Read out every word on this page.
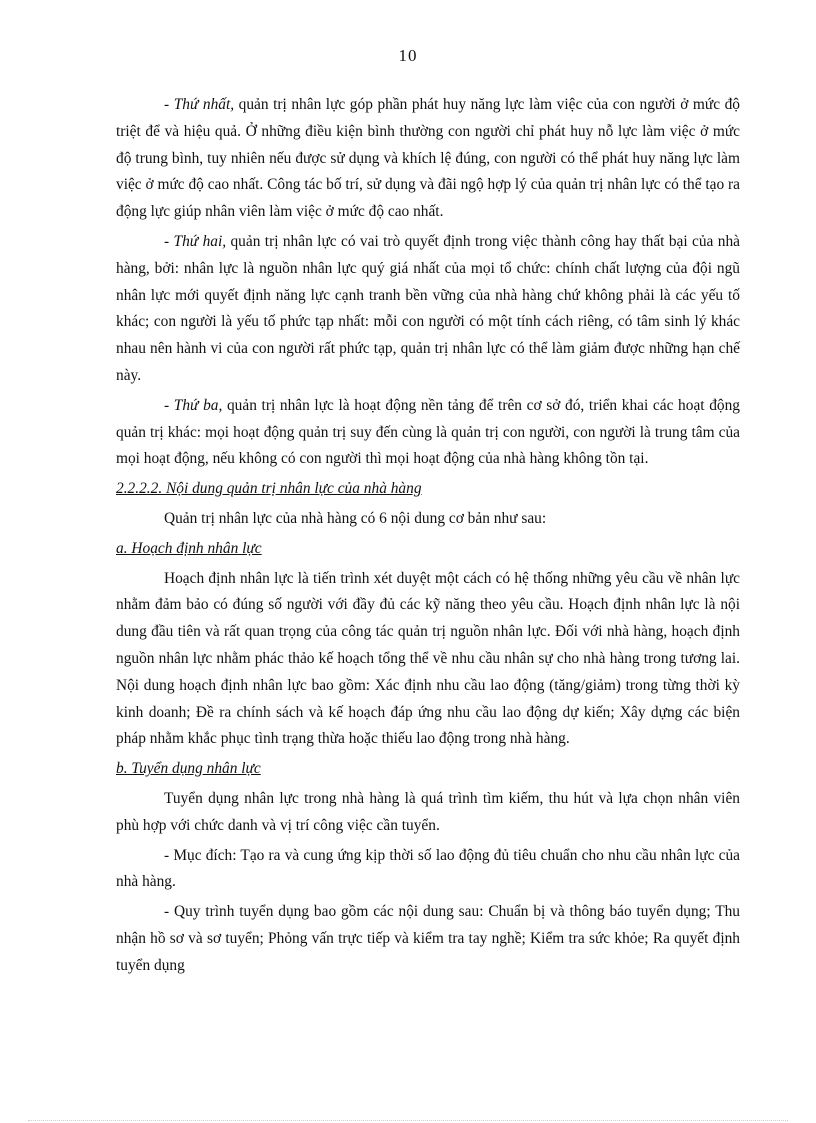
10

- Thứ nhất, quản trị nhân lực góp phần phát huy năng lực làm việc của con người ở mức độ triệt để và hiệu quả. Ở những điều kiện bình thường con người chỉ phát huy nỗ lực làm việc ở mức độ trung bình, tuy nhiên nếu được sử dụng và khích lệ đúng, con người có thể phát huy năng lực làm việc ở mức độ cao nhất. Công tác bố trí, sử dụng và đãi ngộ hợp lý của quản trị nhân lực có thể tạo ra động lực giúp nhân viên làm việc ở mức độ cao nhất.

- Thứ hai, quản trị nhân lực có vai trò quyết định trong việc thành công hay thất bại của nhà hàng, bởi: nhân lực là nguồn nhân lực quý giá nhất của mọi tổ chức: chính chất lượng của đội ngũ nhân lực mới quyết định năng lực cạnh tranh bền vững của nhà hàng chứ không phải là các yếu tố khác; con người là yếu tố phức tạp nhất: mỗi con người có một tính cách riêng, có tâm sinh lý khác nhau nên hành vi của con người rất phức tạp, quản trị nhân lực có thể làm giảm được những hạn chế này.

- Thứ ba, quản trị nhân lực là hoạt động nền tảng để trên cơ sở đó, triển khai các hoạt động quản trị khác: mọi hoạt động quản trị suy đến cùng là quản trị con người, con người là trung tâm của mọi hoạt động, nếu không có con người thì mọi hoạt động của nhà hàng không tồn tại.

2.2.2.2. Nội dung quản trị nhân lực của nhà hàng

Quản trị nhân lực của nhà hàng có 6 nội dung cơ bản như sau:

a. Hoạch định nhân lực

Hoạch định nhân lực là tiến trình xét duyệt một cách có hệ thống những yêu cầu về nhân lực nhằm đảm bảo có đúng số người với đầy đủ các kỹ năng theo yêu cầu. Hoạch định nhân lực là nội dung đầu tiên và rất quan trọng của công tác quản trị nguồn nhân lực. Đối với nhà hàng, hoạch định nguồn nhân lực nhằm phác thảo kế hoạch tổng thể về nhu cầu nhân sự cho nhà hàng trong tương lai. Nội dung hoạch định nhân lực bao gồm: Xác định nhu cầu lao động (tăng/giảm) trong từng thời kỳ kinh doanh; Đề ra chính sách và kế hoạch đáp ứng nhu cầu lao động dự kiến; Xây dựng các biện pháp nhằm khắc phục tình trạng thừa hoặc thiếu lao động trong nhà hàng.

b. Tuyển dụng nhân lực

Tuyển dụng nhân lực trong nhà hàng là quá trình tìm kiếm, thu hút và lựa chọn nhân viên phù hợp với chức danh và vị trí công việc cần tuyển.

- Mục đích: Tạo ra và cung ứng kịp thời số lao động đủ tiêu chuẩn cho nhu cầu nhân lực của nhà hàng.

- Quy trình tuyển dụng bao gồm các nội dung sau: Chuẩn bị và thông báo tuyển dụng; Thu nhận hồ sơ và sơ tuyển; Phỏng vấn trực tiếp và kiểm tra tay nghề; Kiểm tra sức khỏe; Ra quyết định tuyển dụng
